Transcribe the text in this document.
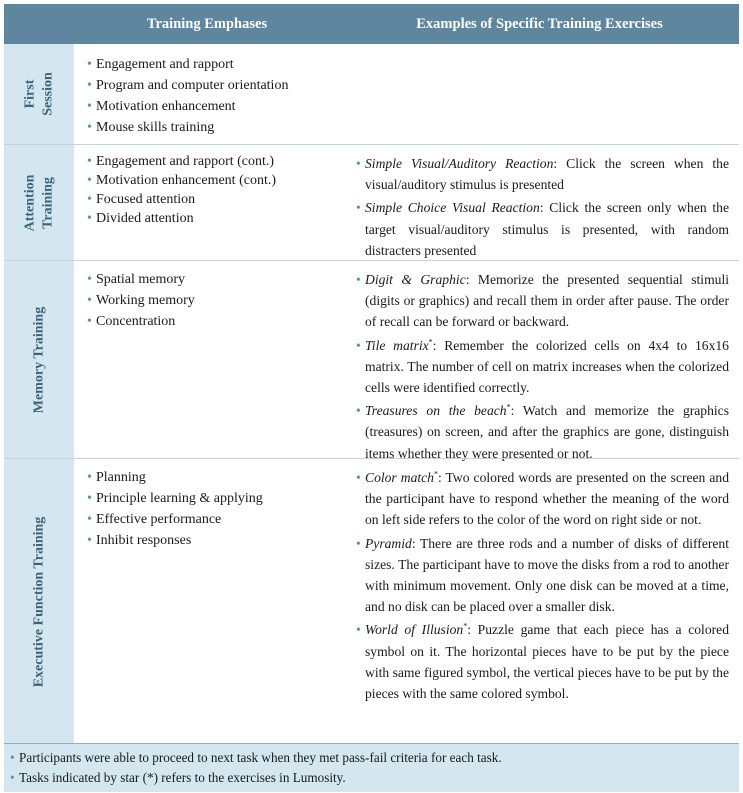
Training Emphases	Examples of Specific Training Exercises
First Session
• Engagement and rapport
• Program and computer orientation
• Motivation enhancement
• Mouse skills training
Attention Training
• Engagement and rapport (cont.)
• Motivation enhancement (cont.)
• Focused attention
• Divided attention

• Simple Visual/Auditory Reaction: Click the screen when the visual/auditory stimulus is presented

• Simple Choice Visual Reaction: Click the screen only when the target visual/auditory stimulus is presented, with random distracters presented

Memory Training
• Spatial memory
• Working memory
• Concentration

• Digit & Graphic: Memorize the presented sequential stimuli (digits or graphics) and recall them in order after pause. The order of recall can be forward or backward.

• Tile matrix*: Remember the colorized cells on 4x4 to 16x16 matrix. The number of cell on matrix increases when the colorized cells were identified correctly.

• Treasures on the beach*: Watch and memorize the graphics (treasures) on screen, and after the graphics are gone, distinguish items whether they were presented or not.

Executive Function Training
• Planning
• Principle learning & applying
• Effective performance
• Inhibit responses

• Color match*: Two colored words are presented on the screen and the participant have to respond whether the meaning of the word on left side refers to the color of the word on right side or not.

• Pyramid: There are three rods and a number of disks of different sizes. The participant have to move the disks from a rod to another with minimum movement. Only one disk can be moved at a time, and no disk can be placed over a smaller disk.

• World of Illusion*: Puzzle game that each piece has a colored symbol on it. The horizontal pieces have to be put by the piece with same figured symbol, the vertical pieces have to be put by the pieces with the same colored symbol.

• Participants were able to proceed to next task when they met pass-fail criteria for each task.
• Tasks indicated by star (*) refers to the exercises in Lumosity.
